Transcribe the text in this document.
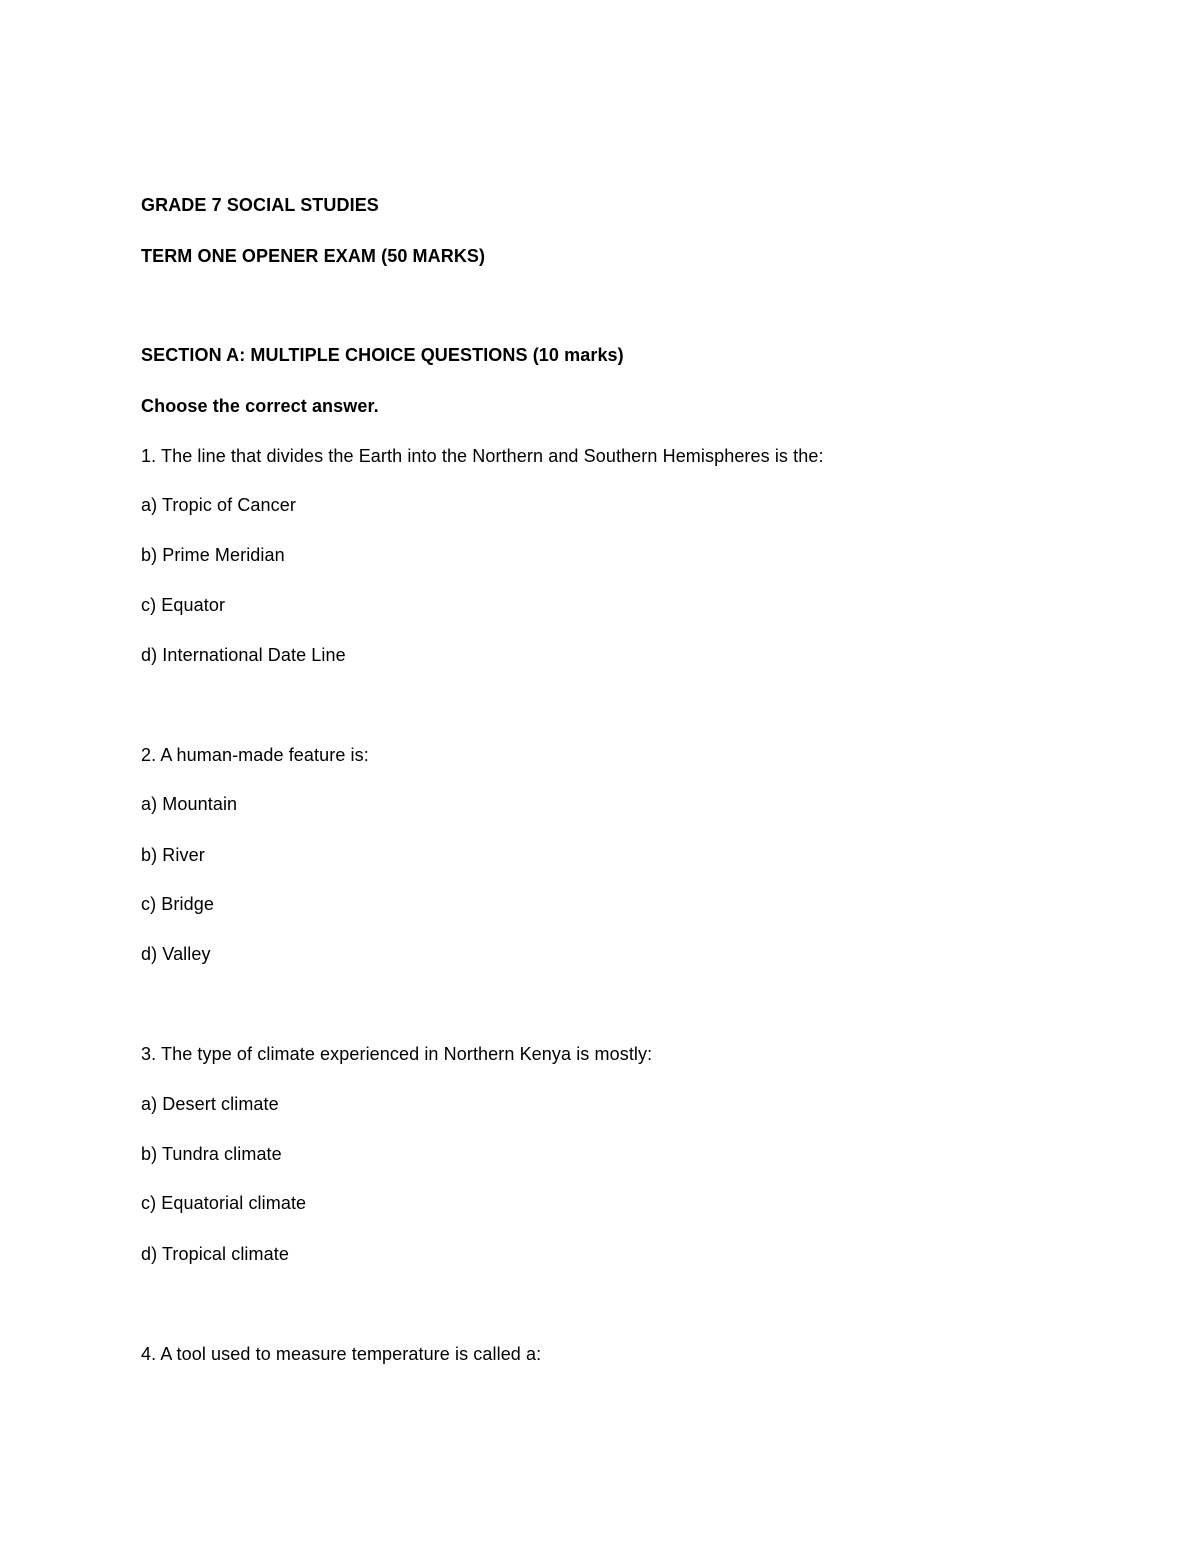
GRADE 7 SOCIAL STUDIES
TERM ONE OPENER EXAM (50 MARKS)
SECTION A: MULTIPLE CHOICE QUESTIONS (10 marks)
Choose the correct answer.
1. The line that divides the Earth into the Northern and Southern Hemispheres is the:
a) Tropic of Cancer
b) Prime Meridian
c) Equator
d) International Date Line
2. A human-made feature is:
a) Mountain
b) River
c) Bridge
d) Valley
3. The type of climate experienced in Northern Kenya is mostly:
a) Desert climate
b) Tundra climate
c) Equatorial climate
d) Tropical climate
4. A tool used to measure temperature is called a:
